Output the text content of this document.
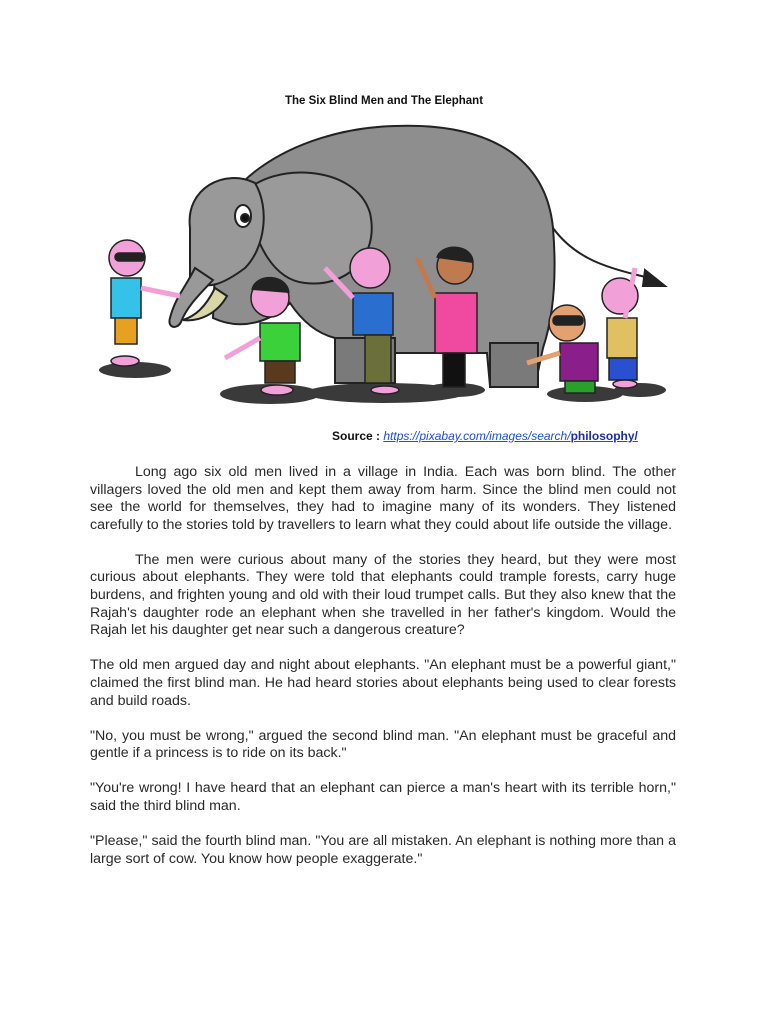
The Six Blind Men and The Elephant
Source : https://pixabay.com/images/search/philosophy/

Long ago six old men lived in a village in India. Each was born blind. The other villagers loved the old men and kept them away from harm. Since the blind men could not see the world for themselves, they had to imagine many of its wonders. They listened carefully to the stories told by travellers to learn what they could about life outside the village.

The men were curious about many of the stories they heard, but they were most curious about elephants. They were told that elephants could trample forests, carry huge burdens, and frighten young and old with their loud trumpet calls. But they also knew that the Rajah's daughter rode an elephant when she travelled in her father's kingdom. Would the Rajah let his daughter get near such a dangerous creature?

The old men argued day and night about elephants. "An elephant must be a powerful giant," claimed the first blind man. He had heard stories about elephants being used to clear forests and build roads.

"No, you must be wrong," argued the second blind man. "An elephant must be graceful and gentle if a princess is to ride on its back."

"You're wrong! I have heard that an elephant can pierce a man's heart with its terrible horn," said the third blind man.

"Please," said the fourth blind man. "You are all mistaken. An elephant is nothing more than a large sort of cow. You know how people exaggerate."
